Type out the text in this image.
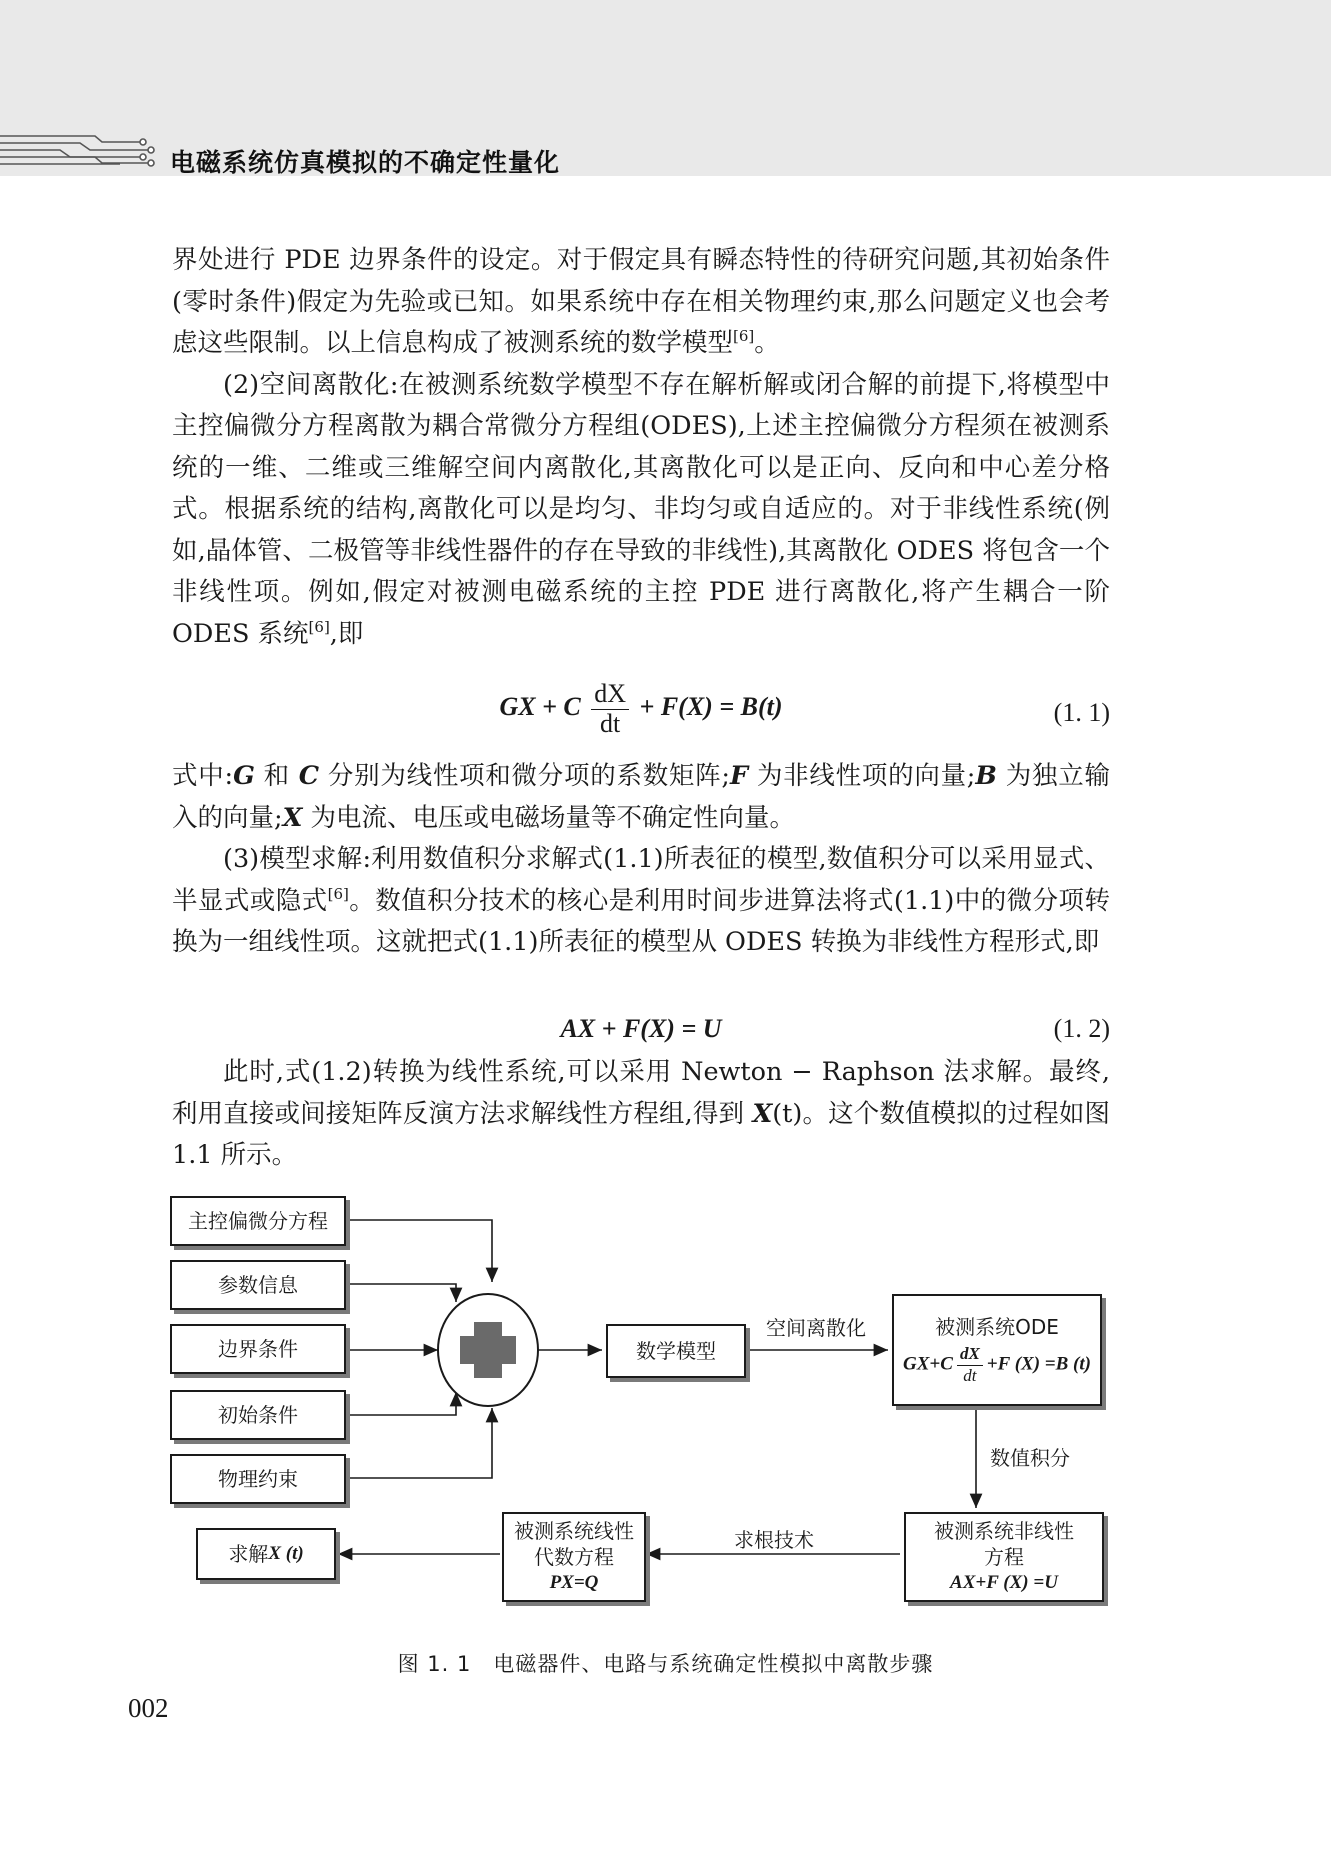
电磁系统仿真模拟的不确定性量化

界处进行 PDE 边界条件的设定。对于假定具有瞬态特性的待研究问题,其初始条件(零时条件)假定为先验或已知。如果系统中存在相关物理约束,那么问题定义也会考虑这些限制。以上信息构成了被测系统的数学模型[6]。

(2)空间离散化:在被测系统数学模型不存在解析解或闭合解的前提下,将模型中主控偏微分方程离散为耦合常微分方程组(ODES),上述主控偏微分方程须在被测系统的一维、二维或三维解空间内离散化,其离散化可以是正向、反向和中心差分格式。根据系统的结构,离散化可以是均匀、非均匀或自适应的。对于非线性系统(例如,晶体管、二极管等非线性器件的存在导致的非线性),其离散化 ODES 将包含一个非线性项。例如,假定对被测电磁系统的主控 PDE 进行离散化,将产生耦合一阶 ODES 系统[6],即

GX + C $\frac{dX}{dt} + F(X) = B(t)$	(1. 1)

式中:G 和 C 分别为线性项和微分项的系数矩阵;F 为非线性项的向量;B 为独立输入的向量;X 为电流、电压或电磁场量等不确定性向量。

(3)模型求解:利用数值积分求解式(1.1)所表征的模型,数值积分可以采用显式、半显式或隐式[6]。数值积分技术的核心是利用时间步进算法将式(1.1)中的微分项转换为一组线性项。这就把式(1.1)所表征的模型从 ODES 转换为非线性方程形式,即

AX + F(X) = U	(1. 2)

此时,式(1.2)转换为线性系统,可以采用 Newton − Raphson 法求解。最终,利用直接或间接矩阵反演方法求解线性方程组,得到 X(t)。这个数值模拟的过程如图 1.1 所示。

主控偏微分方程
参数信息
边界条件
初始条件
物理约束
数学模型
空间离散化	被测系统ODE
$GX+C \frac{dX}{dt} +F$ (X) =B (t)
数值积分
被测系统非线性
方程
AX+F (X) =U
求根技术
被测系统线性
代数方程
PX=Q
求解 X (t)
图 1. 1　电磁器件、电路与系统确定性模拟中离散步骤
002
